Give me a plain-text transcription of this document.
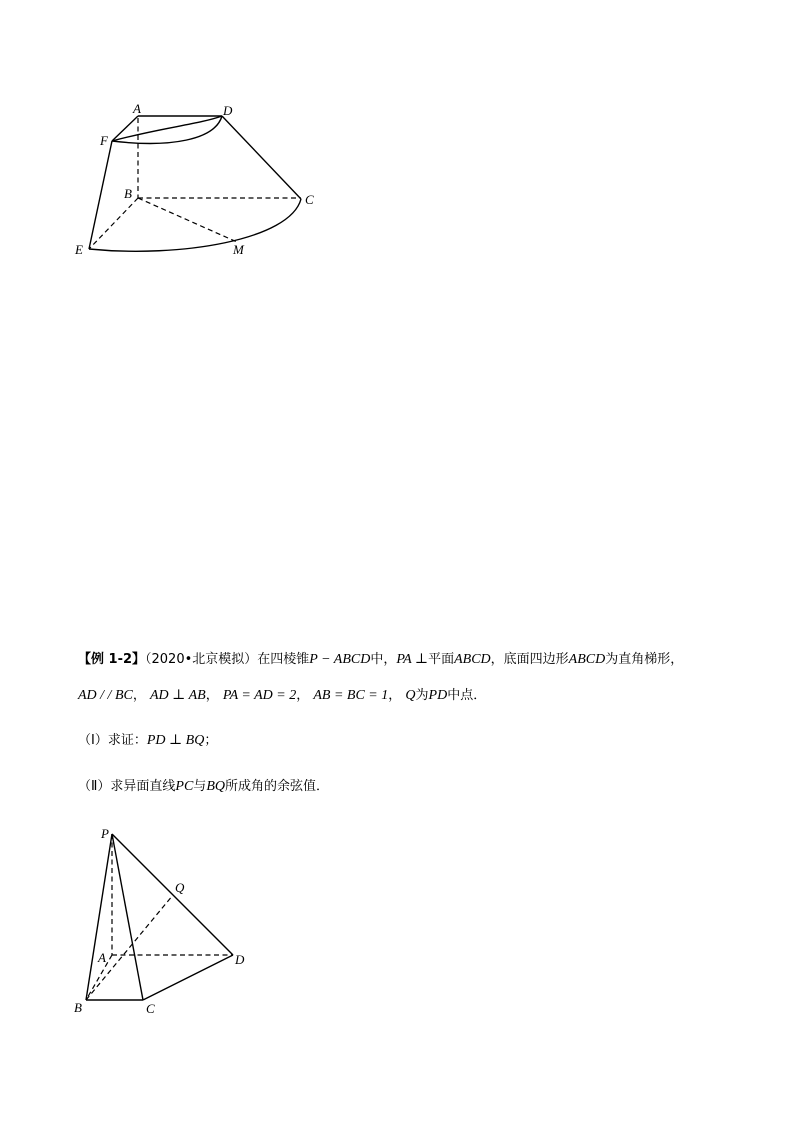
A	D
F
B	C
E	M
【例 1-2】（2020•北京模拟）在四棱锥P − ABCD中，PA ⊥平面ABCD，底面四边形ABCD为直角梯形，
AD / / BC， AD ⊥ AB， PA = AD = 2， AB = BC = 1， Q为PD中点．
（Ⅰ）求证：PD ⊥ BQ；
（Ⅱ）求异面直线PC与BQ所成角的余弦值．
P
Q
A	D
B	C
